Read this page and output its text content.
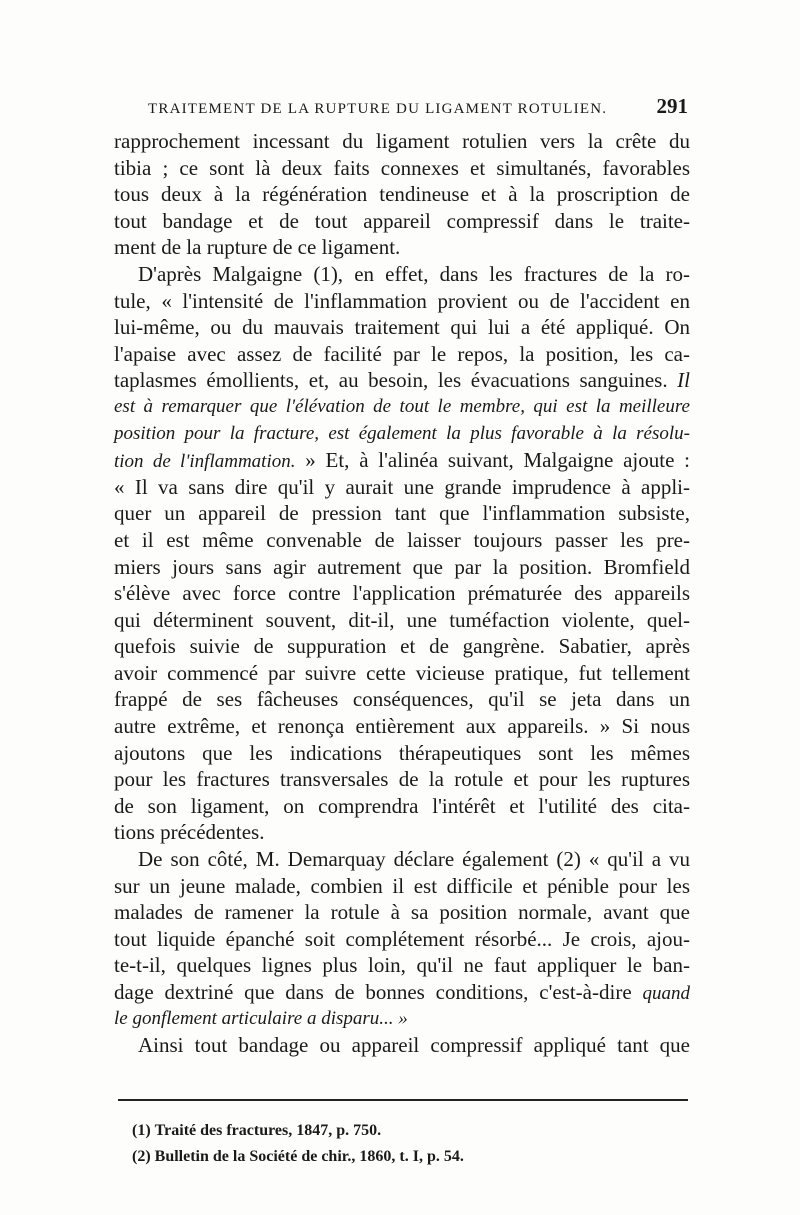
TRAITEMENT DE LA RUPTURE DU LIGAMENT ROTULIEN. 291
rapprochement incessant du ligament rotulien vers la crête du
tibia ; ce sont là deux faits connexes et simultanés, favorables
tous deux à la régénération tendineuse et à la proscription de
tout bandage et de tout appareil compressif dans le traite-
ment de la rupture de ce ligament.
D'après Malgaigne (1), en effet, dans les fractures de la ro-
tule, « l'intensité de l'inflammation provient ou de l'accident en
lui-même, ou du mauvais traitement qui lui a été appliqué. On
l'apaise avec assez de facilité par le repos, la position, les ca-
taplasmes émollients, et, au besoin, les évacuations sanguines. Il
est à remarquer que l'élévation de tout le membre, qui est la meilleure
position pour la fracture, est également la plus favorable à la résolu-
tion de l'inflammation. » Et, à l'alinéa suivant, Malgaigne ajoute :
« Il va sans dire qu'il y aurait une grande imprudence à appli-
quer un appareil de pression tant que l'inflammation subsiste,
et il est même convenable de laisser toujours passer les pre-
miers jours sans agir autrement que par la position. Bromfield
s'élève avec force contre l'application prématurée des appareils
qui déterminent souvent, dit-il, une tuméfaction violente, quel-
quefois suivie de suppuration et de gangrène. Sabatier, après
avoir commencé par suivre cette vicieuse pratique, fut tellement
frappé de ses fâcheuses conséquences, qu'il se jeta dans un
autre extrême, et renonça entièrement aux appareils. » Si nous
ajoutons que les indications thérapeutiques sont les mêmes
pour les fractures transversales de la rotule et pour les ruptures
de son ligament, on comprendra l'intérêt et l'utilité des cita-
tions précédentes.
De son côté, M. Demarquay déclare également (2) « qu'il a vu
sur un jeune malade, combien il est difficile et pénible pour les
malades de ramener la rotule à sa position normale, avant que
tout liquide épanché soit complétement résorbé... Je crois, ajou-
te-t-il, quelques lignes plus loin, qu'il ne faut appliquer le ban-
dage dextriné que dans de bonnes conditions, c'est-à-dire quand
le gonflement articulaire a disparu... »
Ainsi tout bandage ou appareil compressif appliqué tant que
(1) Traité des fractures, 1847, p. 750.
(2) Bulletin de la Société de chir., 1860, t. I, p. 54.
